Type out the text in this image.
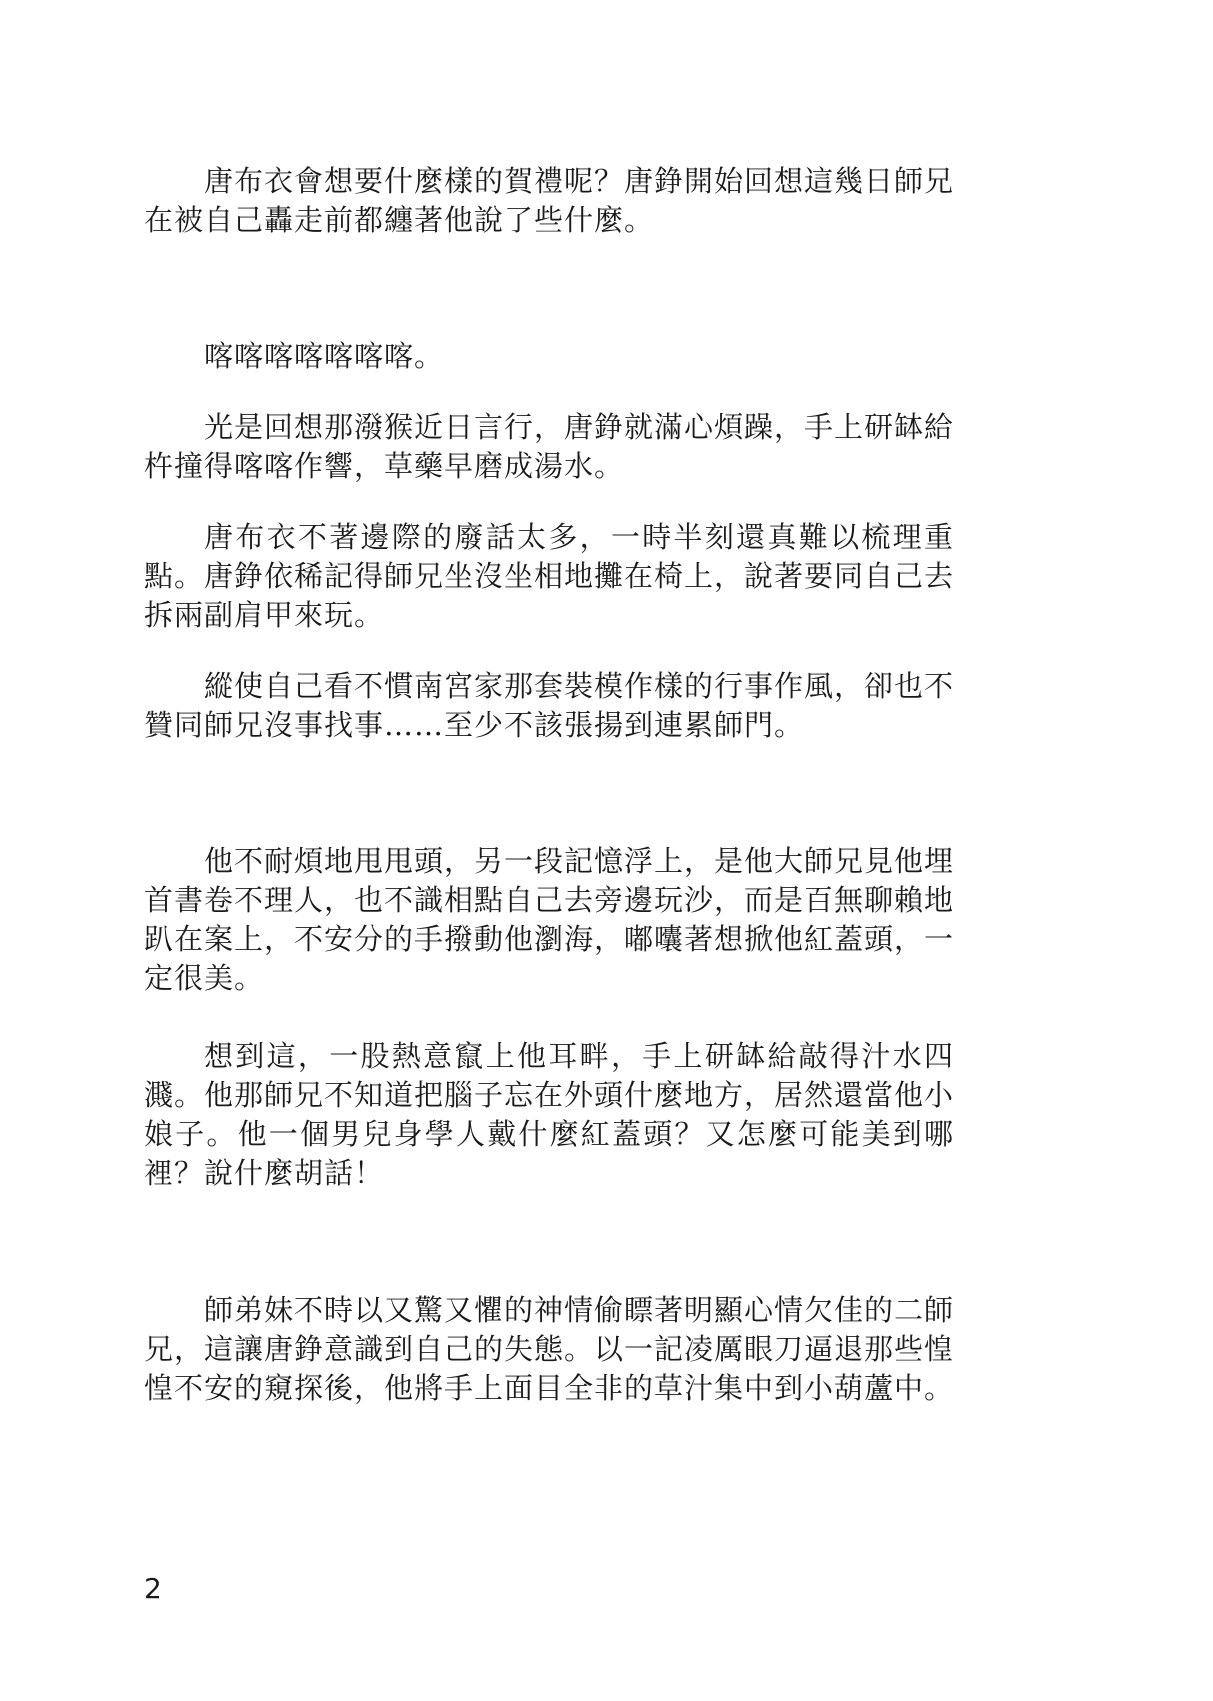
唐布衣會想要什麼樣的賀禮呢？唐錚開始回想這幾日師兄在被自己轟走前都纏著他說了些什麼。

喀喀喀喀喀喀喀。

光是回想那潑猴近日言行，唐錚就滿心煩躁，手上研缽給杵撞得喀喀作響，草藥早磨成湯水。

唐布衣不著邊際的廢話太多，一時半刻還真難以梳理重點。唐錚依稀記得師兄坐沒坐相地攤在椅上，說著要同自己去拆兩副肩甲來玩。

縱使自己看不慣南宮家那套裝模作樣的行事作風，卻也不贊同師兄沒事找事……至少不該張揚到連累師門。

他不耐煩地甩甩頭，另一段記憶浮上，是他大師兄見他埋首書卷不理人，也不識相點自己去旁邊玩沙，而是百無聊賴地趴在案上，不安分的手撥動他瀏海，嘟囔著想掀他紅蓋頭，一定很美。

想到這，一股熱意竄上他耳畔，手上研缽給敲得汁水四濺。他那師兄不知道把腦子忘在外頭什麼地方，居然還當他小娘子。他一個男兒身學人戴什麼紅蓋頭？又怎麼可能美到哪裡？說什麼胡話！

師弟妹不時以又驚又懼的神情偷瞟著明顯心情欠佳的二師兄，這讓唐錚意識到自己的失態。以一記凌厲眼刀逼退那些惶惶不安的窺探後，他將手上面目全非的草汁集中到小葫蘆中。

2
